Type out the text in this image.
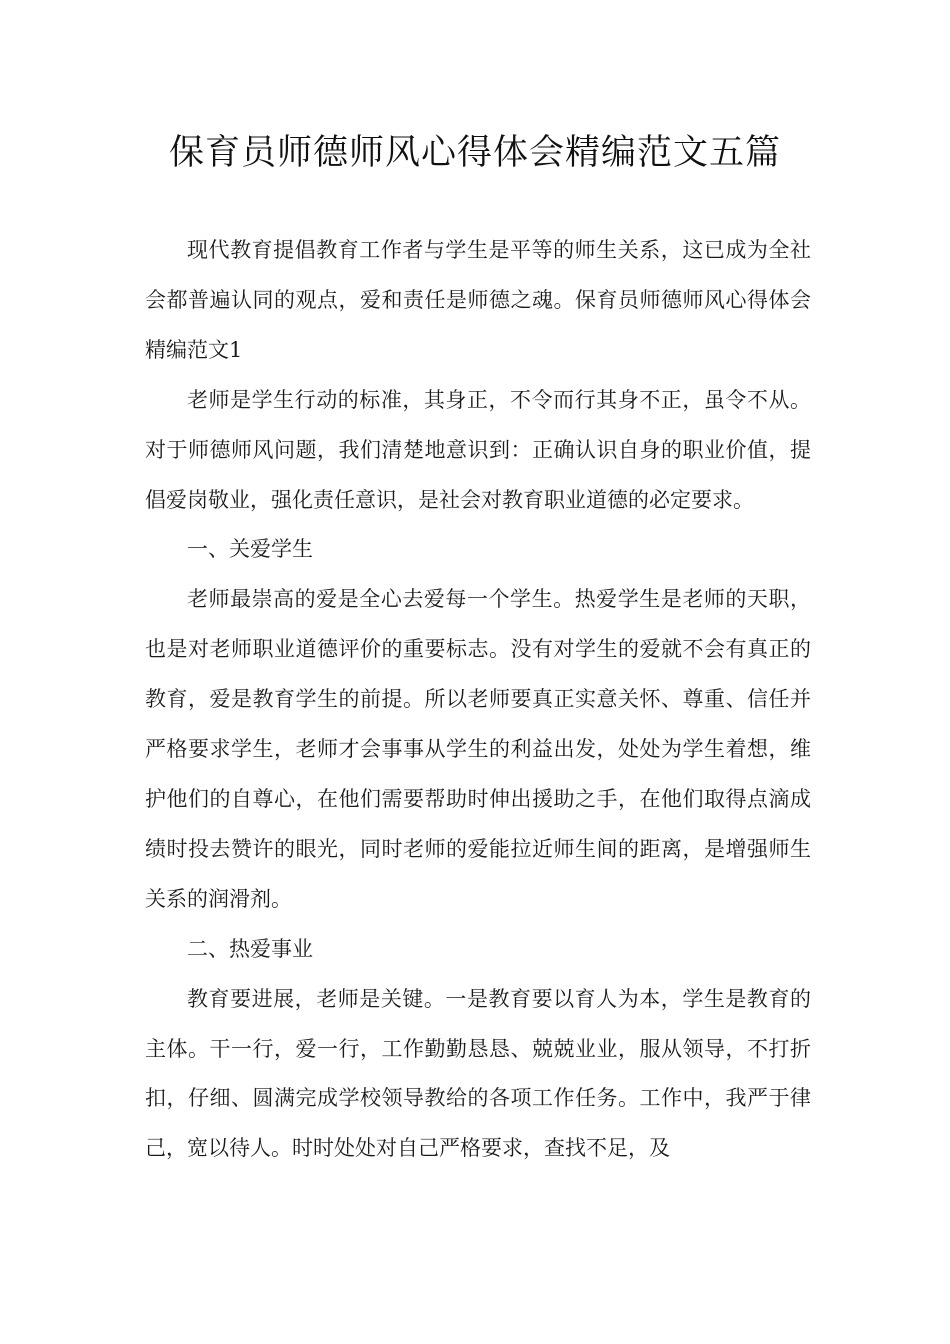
保育员师德师风心得体会精编范文五篇

现代教育提倡教育工作者与学生是平等的师生关系，这已成为全社会都普遍认同的观点，爱和责任是师德之魂。保育员师德师风心得体会精编范文1

老师是学生行动的标准，其身正，不令而行其身不正，虽令不从。对于师德师风问题，我们清楚地意识到：正确认识自身的职业价值，提倡爱岗敬业，强化责任意识，是社会对教育职业道德的必定要求。

一、关爱学生

老师最崇高的爱是全心去爱每一个学生。热爱学生是老师的天职，也是对老师职业道德评价的重要标志。没有对学生的爱就不会有真正的教育，爱是教育学生的前提。所以老师要真正实意关怀、尊重、信任并严格要求学生，老师才会事事从学生的利益出发，处处为学生着想，维护他们的自尊心，在他们需要帮助时伸出援助之手，在他们取得点滴成绩时投去赞许的眼光，同时老师的爱能拉近师生间的距离，是增强师生关系的润滑剂。

二、热爱事业

教育要进展，老师是关键。一是教育要以育人为本，学生是教育的主体。干一行，爱一行，工作勤勤恳恳、兢兢业业，服从领导，不打折扣，仔细、圆满完成学校领导教给的各项工作任务。工作中，我严于律己，宽以待人。时时处处对自己严格要求，查找不足，及
